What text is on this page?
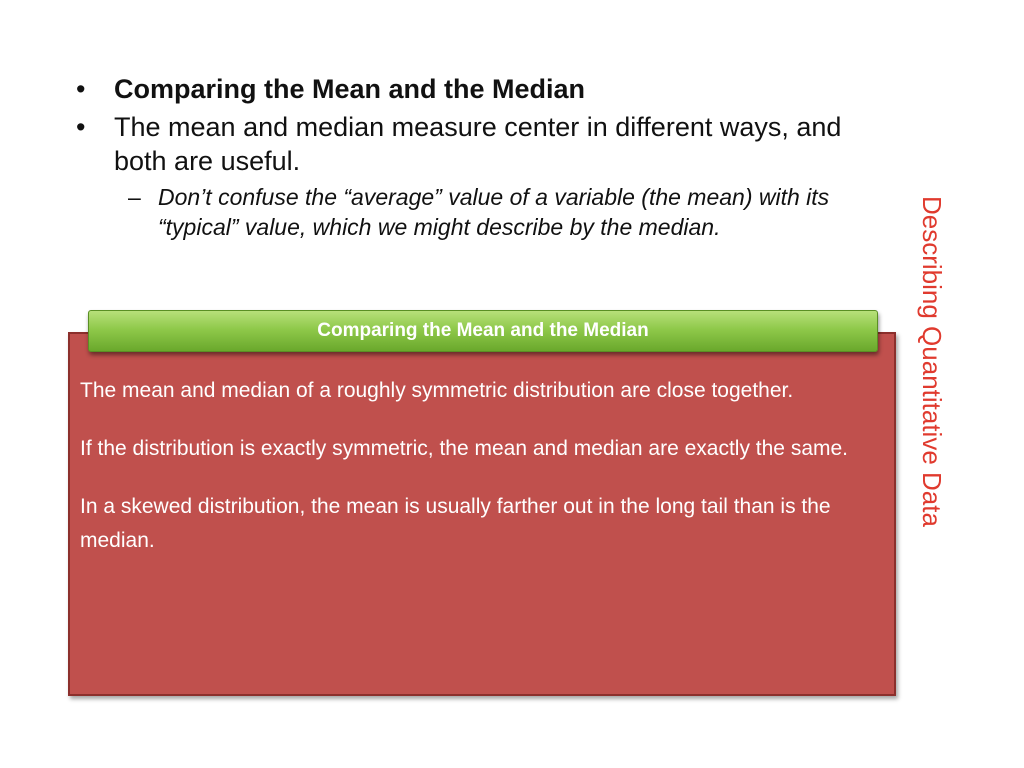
• Comparing the Mean and the Median
• The mean and median measure center in different ways, and both are useful.
– Don’t confuse the “average” value of a variable (the mean) with its “typical” value, which we might describe by the median.	Describing Quantitative Data
Comparing the Mean and the Median

The mean and median of a roughly symmetric distribution are close together.

If the distribution is exactly symmetric, the mean and median are exactly the same.

In a skewed distribution, the mean is usually farther out in the long tail than is the median.
